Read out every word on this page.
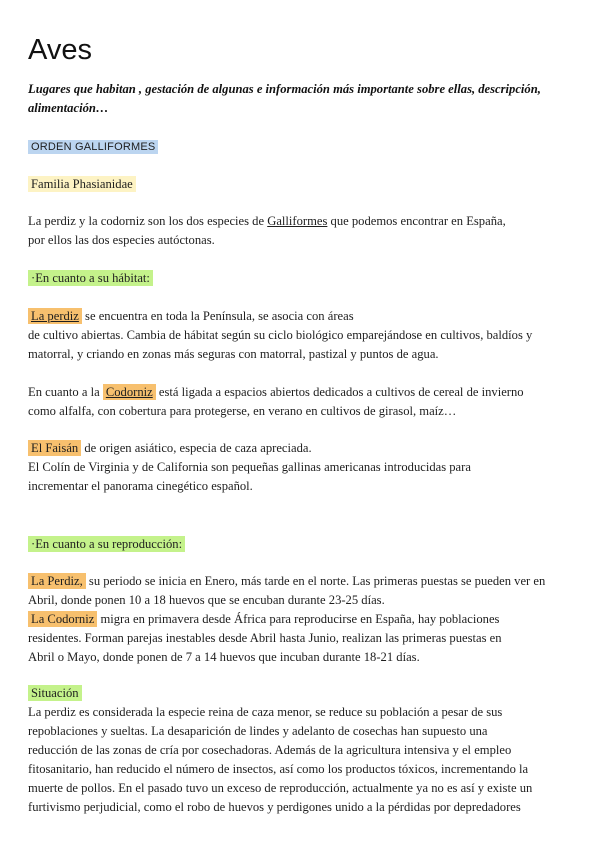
Aves
Lugares que habitan , gestación de algunas e información más importante sobre ellas, descripción, alimentación…
ORDEN GALLIFORMES
Familia Phasianidae
La perdiz y la codorniz son los dos especies de Galliformes que podemos encontrar en España,
por ellos las dos especies autóctonas.
·En cuanto a su hábitat:
La perdiz se encuentra en toda la Península, se asocia con áreas
de cultivo abiertas. Cambia de hábitat según su ciclo biológico emparejándose en cultivos, baldíos y
matorral, y criando en zonas más seguras con matorral, pastizal y puntos de agua.
En cuanto a la Codorniz está ligada a espacios abiertos dedicados a cultivos de cereal de invierno
como alfalfa, con cobertura para protegerse, en verano en cultivos de girasol, maíz…
El Faisán de origen asiático, especia de caza apreciada.
El Colín de Virginia y de California son pequeñas gallinas americanas introducidas para
incrementar el panorama cinegético español.
·En cuanto a su reproducción:
La Perdiz, su periodo se inicia en Enero, más tarde en el norte. Las primeras puestas se pueden ver en
Abril, donde ponen 10 a 18 huevos que se encuban durante 23-25 días.
La Codorniz migra en primavera desde África para reproducirse en España, hay poblaciones
residentes. Forman parejas inestables desde Abril hasta Junio, realizan las primeras puestas en
Abril o Mayo, donde ponen de 7 a 14 huevos que incuban durante 18-21 días.
Situación
La perdiz es considerada la especie reina de caza menor, se reduce su población a pesar de sus
repoblaciones y sueltas. La desaparición de lindes y adelanto de cosechas han supuesto una
reducción de las zonas de cría por cosechadoras. Además de la agricultura intensiva y el empleo
fitosanitario, han reducido el número de insectos, así como los productos tóxicos, incrementando la
muerte de pollos. En el pasado tuvo un exceso de reproducción, actualmente ya no es así y existe un
furtivismo perjudicial, como el robo de huevos y perdigones unido a la pérdidas por depredadores
